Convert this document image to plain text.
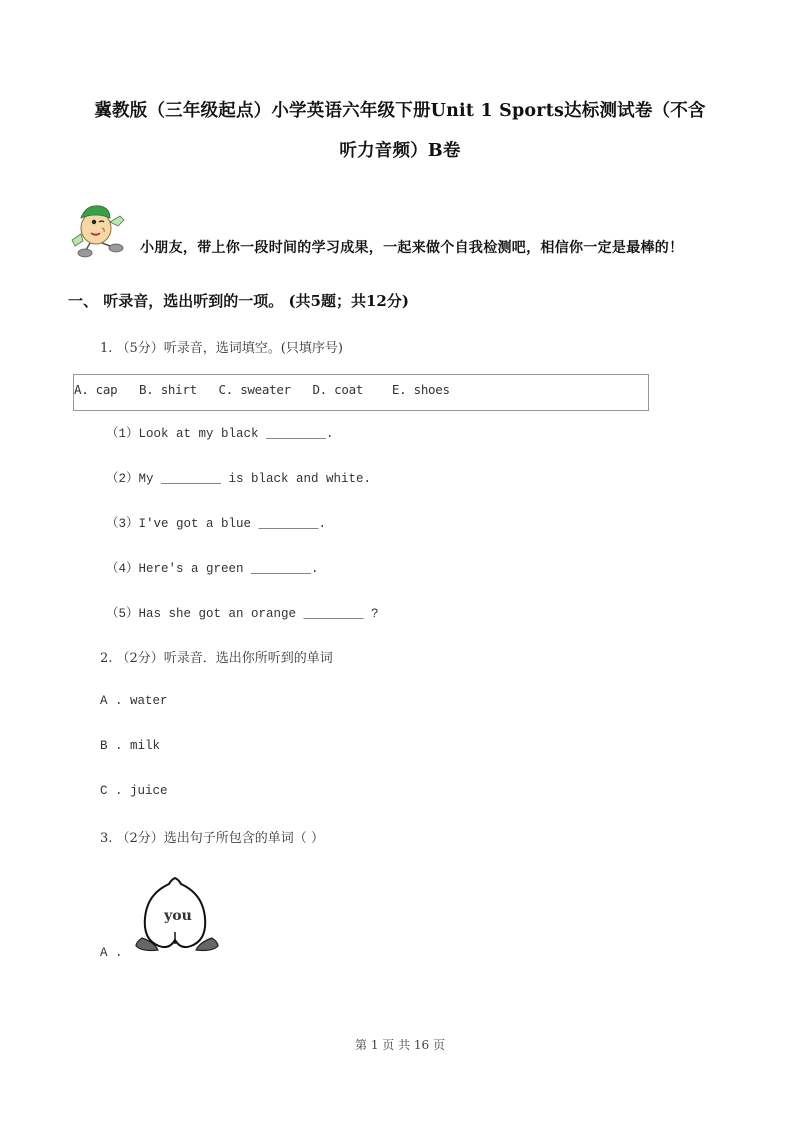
冀教版（三年级起点）小学英语六年级下册Unit 1 Sports达标测试卷（不含
听力音频）B卷
小朋友，带上你一段时间的学习成果，一起来做个自我检测吧，相信你一定是最棒的！
一、 听录音，选出听到的一项。 (共5题；共12分)
1. （5分）听录音，选词填空。(只填序号)
A. cap   B. shirt   C. sweater   D. coat    E. shoes
（1）Look at my black ________.
（2）My ________ is black and white.
（3）I've got a blue ________.
（4）Here's a green ________.
（5）Has she got an orange ________ ?
2. （2分）听录音．选出你所听到的单词
A . water
B . milk
C . juice
3. （2分）选出句子所包含的单词（ ）
you
A .
第 1 页 共 16 页
